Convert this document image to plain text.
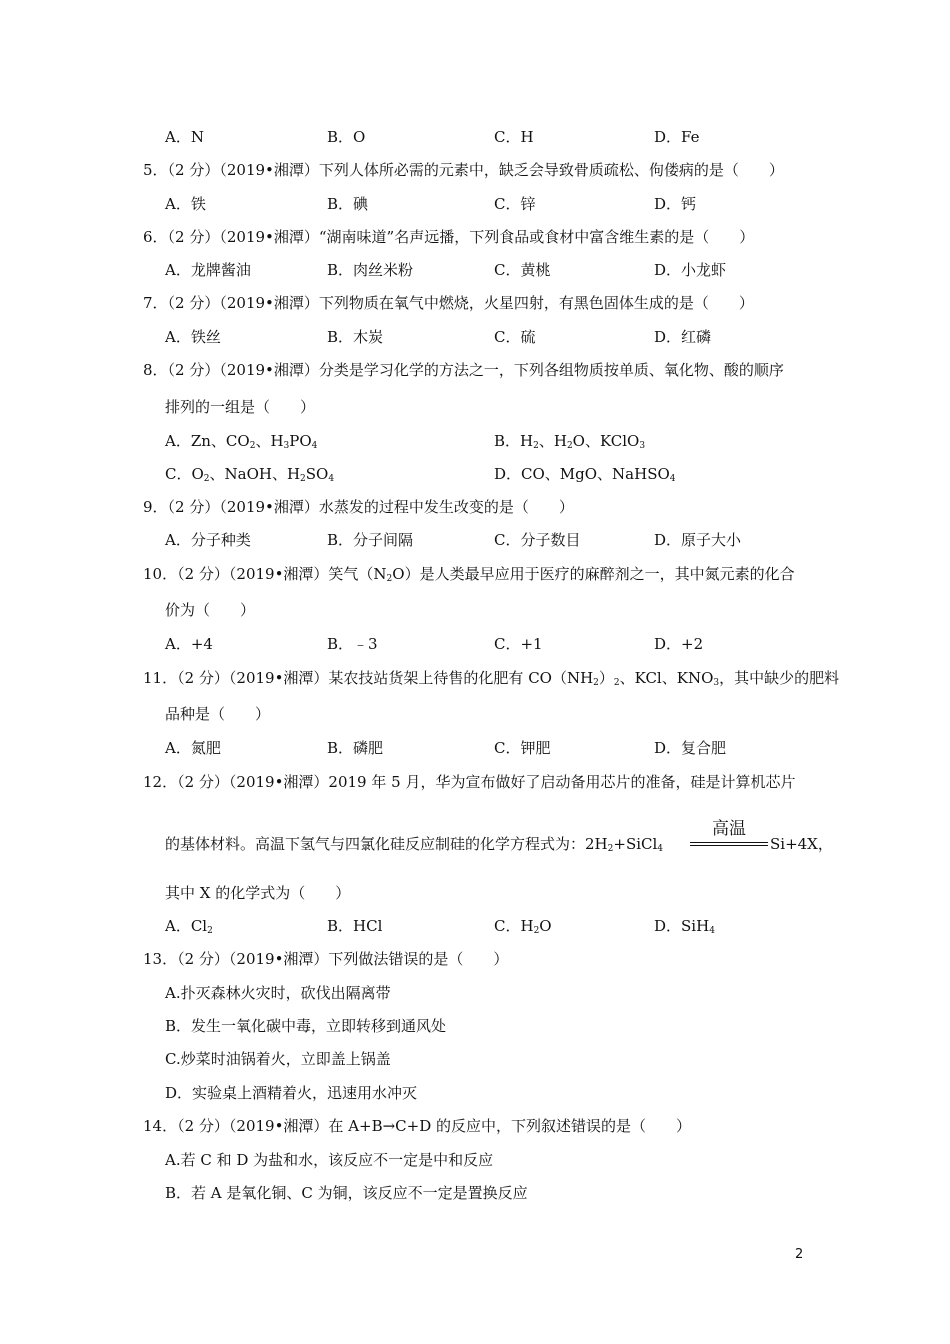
A．N	B．O	C．H	D．Fe
5．（2 分）（2019•湘潭）下列人体所必需的元素中，缺乏会导致骨质疏松、佝偻病的是（　　）
A．铁	B．碘	C．锌	D．钙
6．（2 分）（2019•湘潭）“湖南味道”名声远播，下列食品或食材中富含维生素的是（　　）
A．龙牌酱油	B．肉丝米粉	C．黄桃	D．小龙虾
7．（2 分）（2019•湘潭）下列物质在氧气中燃烧，火星四射，有黑色固体生成的是（　　）
A．铁丝	B．木炭	C．硫	D．红磷
8．（2 分）（2019•湘潭）分类是学习化学的方法之一，下列各组物质按单质、氧化物、酸的顺序
排列的一组是（　　）
A．Zn、$CO_2$、$H_3PO_4$	B．$H_2$、$H_2O$、KClO$_3$
C．$O_2$、NaOH、$H_2SO_4$	D．CO、MgO、NaHSO$_4$
9．（2 分）（2019•湘潭）水蒸发的过程中发生改变的是（　　）
A．分子种类	B．分子间隔	C．分子数目	D．原子大小
10．（2 分）（2019•湘潭）笑气$(N_2O)$是人类最早应用于医疗的麻醉剂之一，其中氮元素的化合
价为（　　）
A．+4	B．﹣3	C．+1	D．+2
11．（2 分）（2019•湘潭）某农技站货架上待售的化肥有 $CO(NH_2)_2$、KCl、$KNO_3$，其中缺少的肥料
品种是（　　）
A．氮肥	B．磷肥	C．钾肥	D．复合肥
12．（2 分）（2019•湘潭）2019 年 5 月，华为宣布做好了启动备用芯片的准备，硅是计算机芯片
的基体材料。高温下氢气与四氯化硅反应制硅的化学方程式为：$2H_2+SiCl_4$
高温
Si+4X，
其中 X 的化学式为（　　）
A．$Cl_2$	B．HCl	C．$H_2O$	D．SiH$_4$
13．（2 分）（2019•湘潭）下列做法错误的是（　　）
A.扑灭森林火灾时，砍伐出隔离带
B．发生一氧化碳中毒，立即转移到通风处
C.炒菜时油锅着火，立即盖上锅盖
D．实验桌上酒精着火，迅速用水冲灭
14．（2 分）（2019•湘潭）在 A+B→C+D 的反应中，下列叙述错误的是（　　）
A.若 C 和 D 为盐和水，该反应不一定是中和反应
B．若 A 是氧化铜、C 为铜，该反应不一定是置换反应
2
